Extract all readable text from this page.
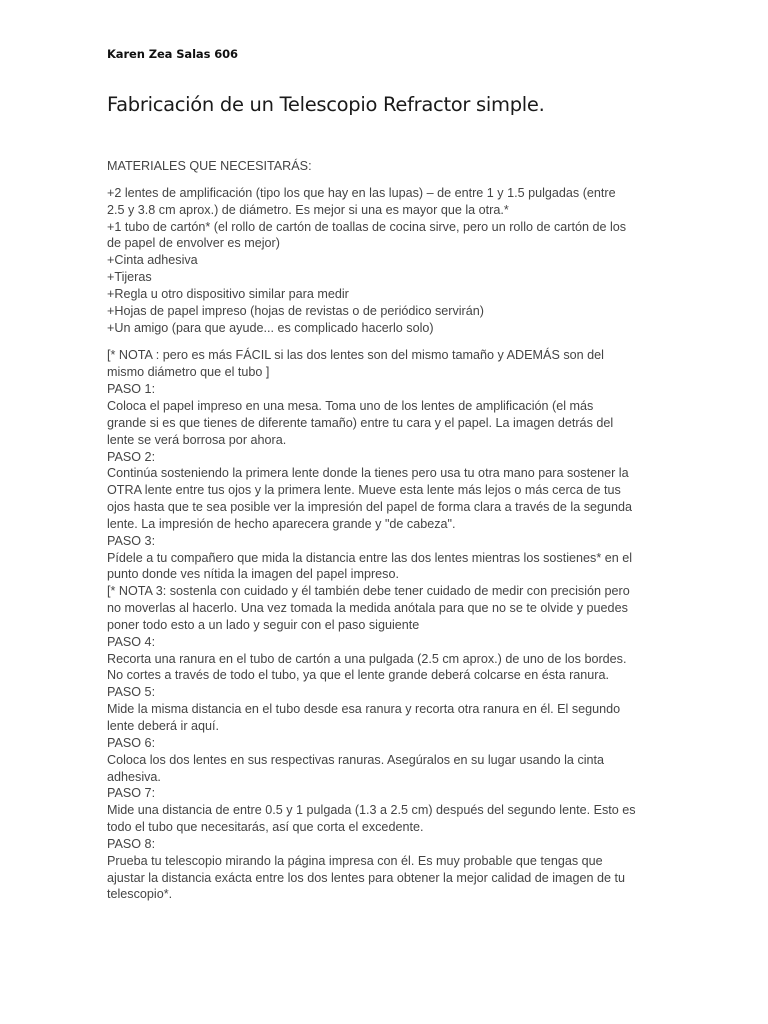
Karen Zea Salas 606
Fabricación de un Telescopio Refractor simple.
MATERIALES QUE NECESITARÁS:
+2 lentes de amplificación (tipo los que hay en las lupas) – de entre 1 y 1.5 pulgadas (entre
2.5 y 3.8 cm aprox.) de diámetro. Es mejor si una es mayor que la otra.*
+1 tubo de cartón* (el rollo de cartón de toallas de cocina sirve, pero un rollo de cartón de los
de papel de envolver es mejor)
+Cinta adhesiva
+Tijeras
+Regla u otro dispositivo similar para medir
+Hojas de papel impreso (hojas de revistas o de periódico servirán)
+Un amigo (para que ayude... es complicado hacerlo solo)
[* NOTA : pero es más FÁCIL si las dos lentes son del mismo tamaño y ADEMÁS son del
mismo diámetro que el tubo ]
PASO 1:
Coloca el papel impreso en una mesa. Toma uno de los lentes de amplificación (el más
grande si es que tienes de diferente tamaño) entre tu cara y el papel. La imagen detrás del
lente se verá borrosa por ahora.
PASO 2:
Continúa sosteniendo la primera lente donde la tienes pero usa tu otra mano para sostener la
OTRA lente entre tus ojos y la primera lente. Mueve esta lente más lejos o más cerca de tus
ojos hasta que te sea posible ver la impresión del papel de forma clara a través de la segunda
lente. La impresión de hecho aparecera grande y "de cabeza".
PASO 3:
Pídele a tu compañero que mida la distancia entre las dos lentes mientras los sostienes* en el
punto donde ves nítida la imagen del papel impreso.
[* NOTA 3: sostenla con cuidado y él también debe tener cuidado de medir con precisión pero
no moverlas al hacerlo. Una vez tomada la medida anótala para que no se te olvide y puedes
poner todo esto a un lado y seguir con el paso siguiente
PASO 4:
Recorta una ranura en el tubo de cartón a una pulgada (2.5 cm aprox.) de uno de los bordes.
No cortes a través de todo el tubo, ya que el lente grande deberá colcarse en ésta ranura.
PASO 5:
Mide la misma distancia en el tubo desde esa ranura y recorta otra ranura en él. El segundo
lente deberá ir aquí.
PASO 6:
Coloca los dos lentes en sus respectivas ranuras. Asegúralos en su lugar usando la cinta
adhesiva.
PASO 7:
Mide una distancia de entre 0.5 y 1 pulgada (1.3 a 2.5 cm) después del segundo lente. Esto es
todo el tubo que necesitarás, así que corta el excedente.
PASO 8:
Prueba tu telescopio mirando la página impresa con él. Es muy probable que tengas que
ajustar la distancia exácta entre los dos lentes para obtener la mejor calidad de imagen de tu
telescopio*.
